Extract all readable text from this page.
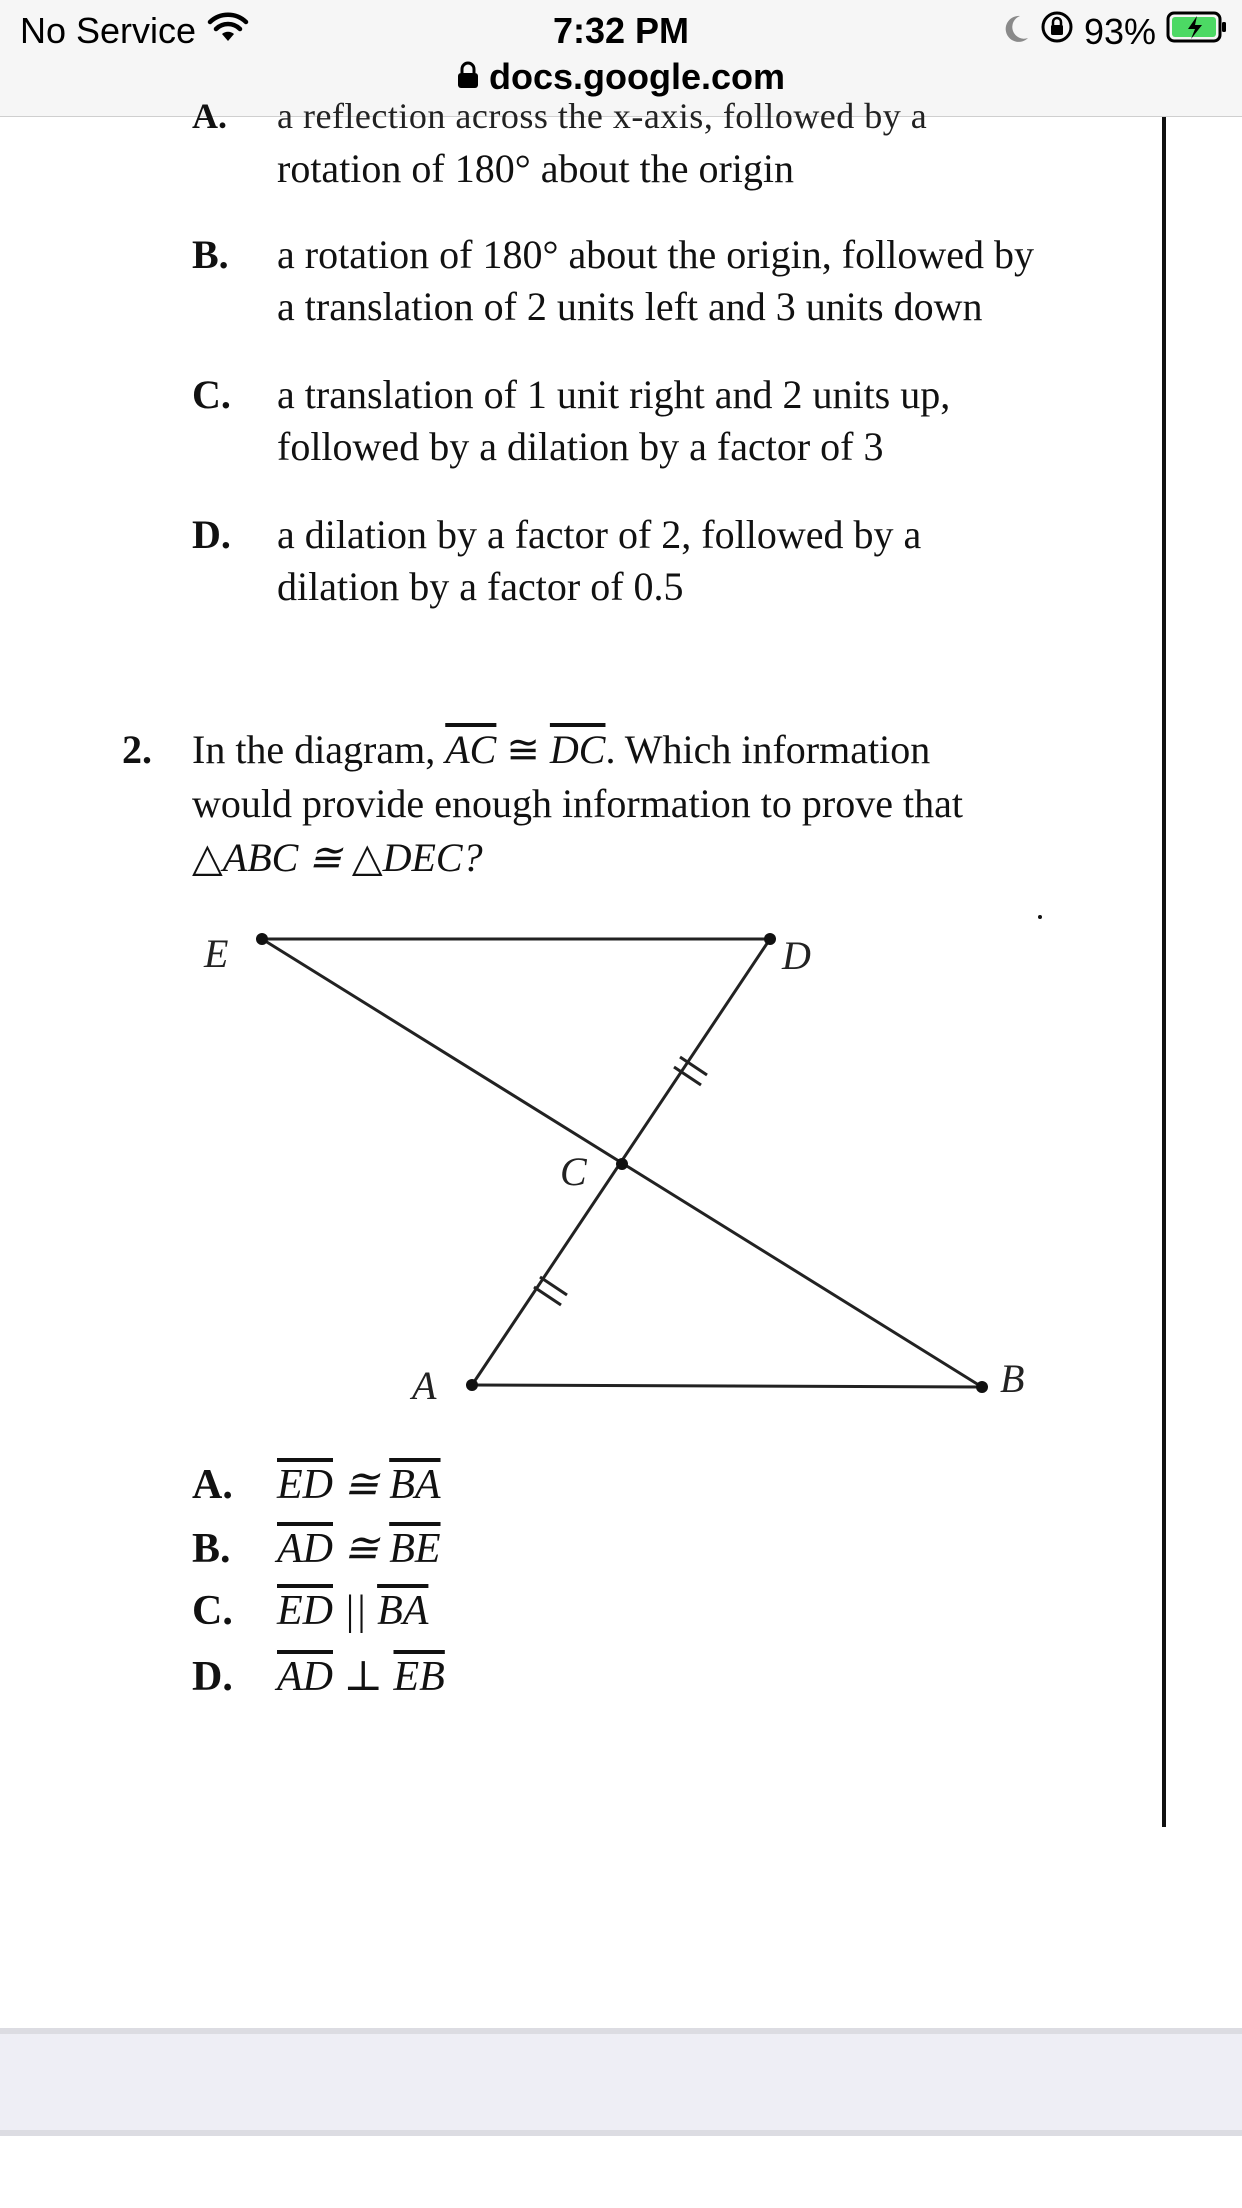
No Service	7:32 PM	93%
docs.google.com
A. a reflection across the x-axis, followed by a
rotation of 180° about the origin
B.	a rotation of 180° about the origin, followed by
a translation of 2 units left and 3 units down
C.	a translation of 1 unit right and 2 units up,
followed by a dilation by a factor of 3
D.	a dilation by a factor of 2, followed by a
dilation by a factor of 0.5
2. In the diagram, $\overline{AC}$ ≅ $\overline{DC}$. Which information
would provide enough information to prove that
△ABC ≅ △DEC?
E	D
C
A	B
A. $\overline{ED}$ ≅ $\overline{BA}$
B. $\overline{AD}$ ≅ $\overline{BE}$
C. $\overline{ED}$ || $\overline{BA}$
D. $\overline{AD}$ ⊥ $\overline{EB}$
